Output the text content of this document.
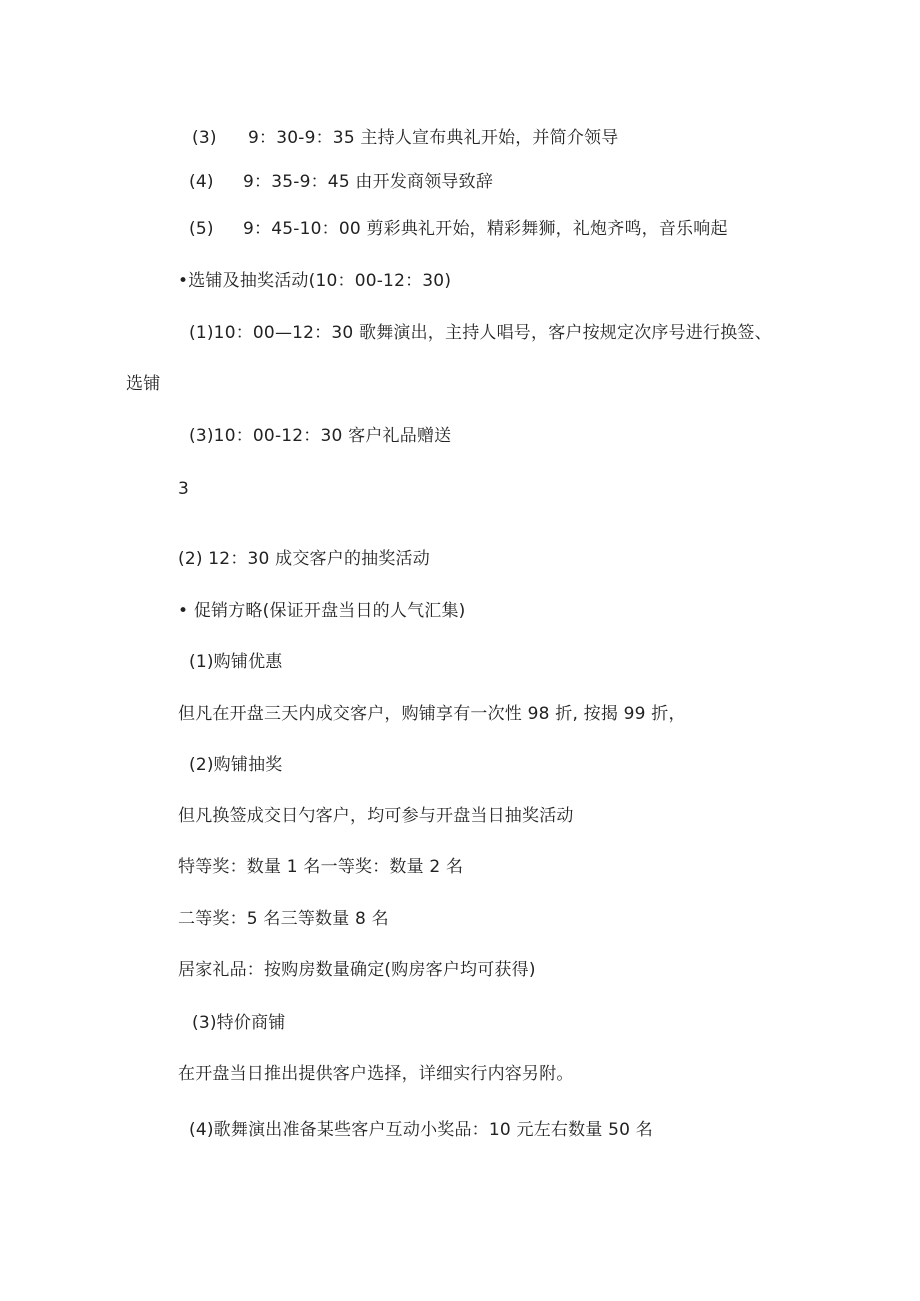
(3) 9：30-9：35 主持人宣布典礼开始，并简介领导
(4) 9：35-9：45 由开发商领导致辞
(5) 9：45-10：00 剪彩典礼开始，精彩舞狮，礼炮齐鸣，音乐响起
•选铺及抽奖活动(10：00-12：30)
(1)10：00—12：30 歌舞演出，主持人唱号，客户按规定次序号进行换签、
选铺
(3)10：00-12：30 客户礼品赠送
3
(2) 12：30 成交客户的抽奖活动
• 促销方略(保证开盘当日的人气汇集)
(1)购铺优惠
但凡在开盘三天内成交客户，购铺享有一次性 98 折, 按揭 99 折，
(2)购铺抽奖
但凡换签成交日勺客户，均可参与开盘当日抽奖活动
特等奖：数量 1 名一等奖：数量 2 名
二等奖：5 名三等数量 8 名
居家礼品：按购房数量确定(购房客户均可获得)
(3)特价商铺
在开盘当日推出提供客户选择，详细实行内容另附。
(4)歌舞演出准备某些客户互动小奖品：10 元左右数量 50 名
